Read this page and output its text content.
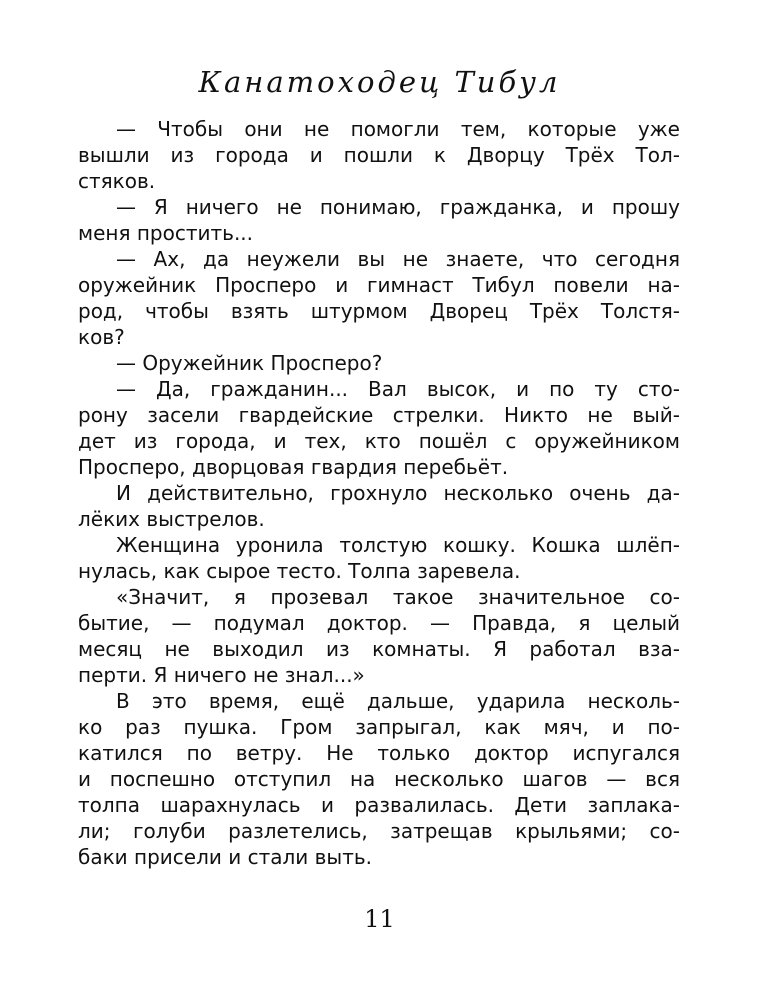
Канатоходец Тибул
— Чтобы они не помогли тем, которые уже
вышли из города и пошли к Дворцу Трёх Тол-
стяков.
— Я ничего не понимаю, гражданка, и прошу
меня простить...
— Ах, да неужели вы не знаете, что сегодня
оружейник Просперо и гимнаст Тибул повели на-
род, чтобы взять штурмом Дворец Трёх Толстя-
ков?
— Оружейник Просперо?
— Да, гражданин... Вал высок, и по ту сто-
рону засели гвардейские стрелки. Никто не вый-
дет из города, и тех, кто пошёл с оружейником
Просперо, дворцовая гвардия перебьёт.
И действительно, грохнуло несколько очень да-
лёких выстрелов.
Женщина уронила толстую кошку. Кошка шлёп-
нулась, как сырое тесто. Толпа заревела.
«Значит, я прозевал такое значительное со-
бытие, — подумал доктор. — Правда, я целый
месяц не выходил из комнаты. Я работал вза-
перти. Я ничего не знал...»
В это время, ещё дальше, ударила несколь-
ко раз пушка. Гром запрыгал, как мяч, и по-
катился по ветру. Не только доктор испугался
и поспешно отступил на несколько шагов — вся
толпа шарахнулась и развалилась. Дети заплака-
ли; голуби разлетелись, затрещав крыльями; со-
баки присели и стали выть.
11
